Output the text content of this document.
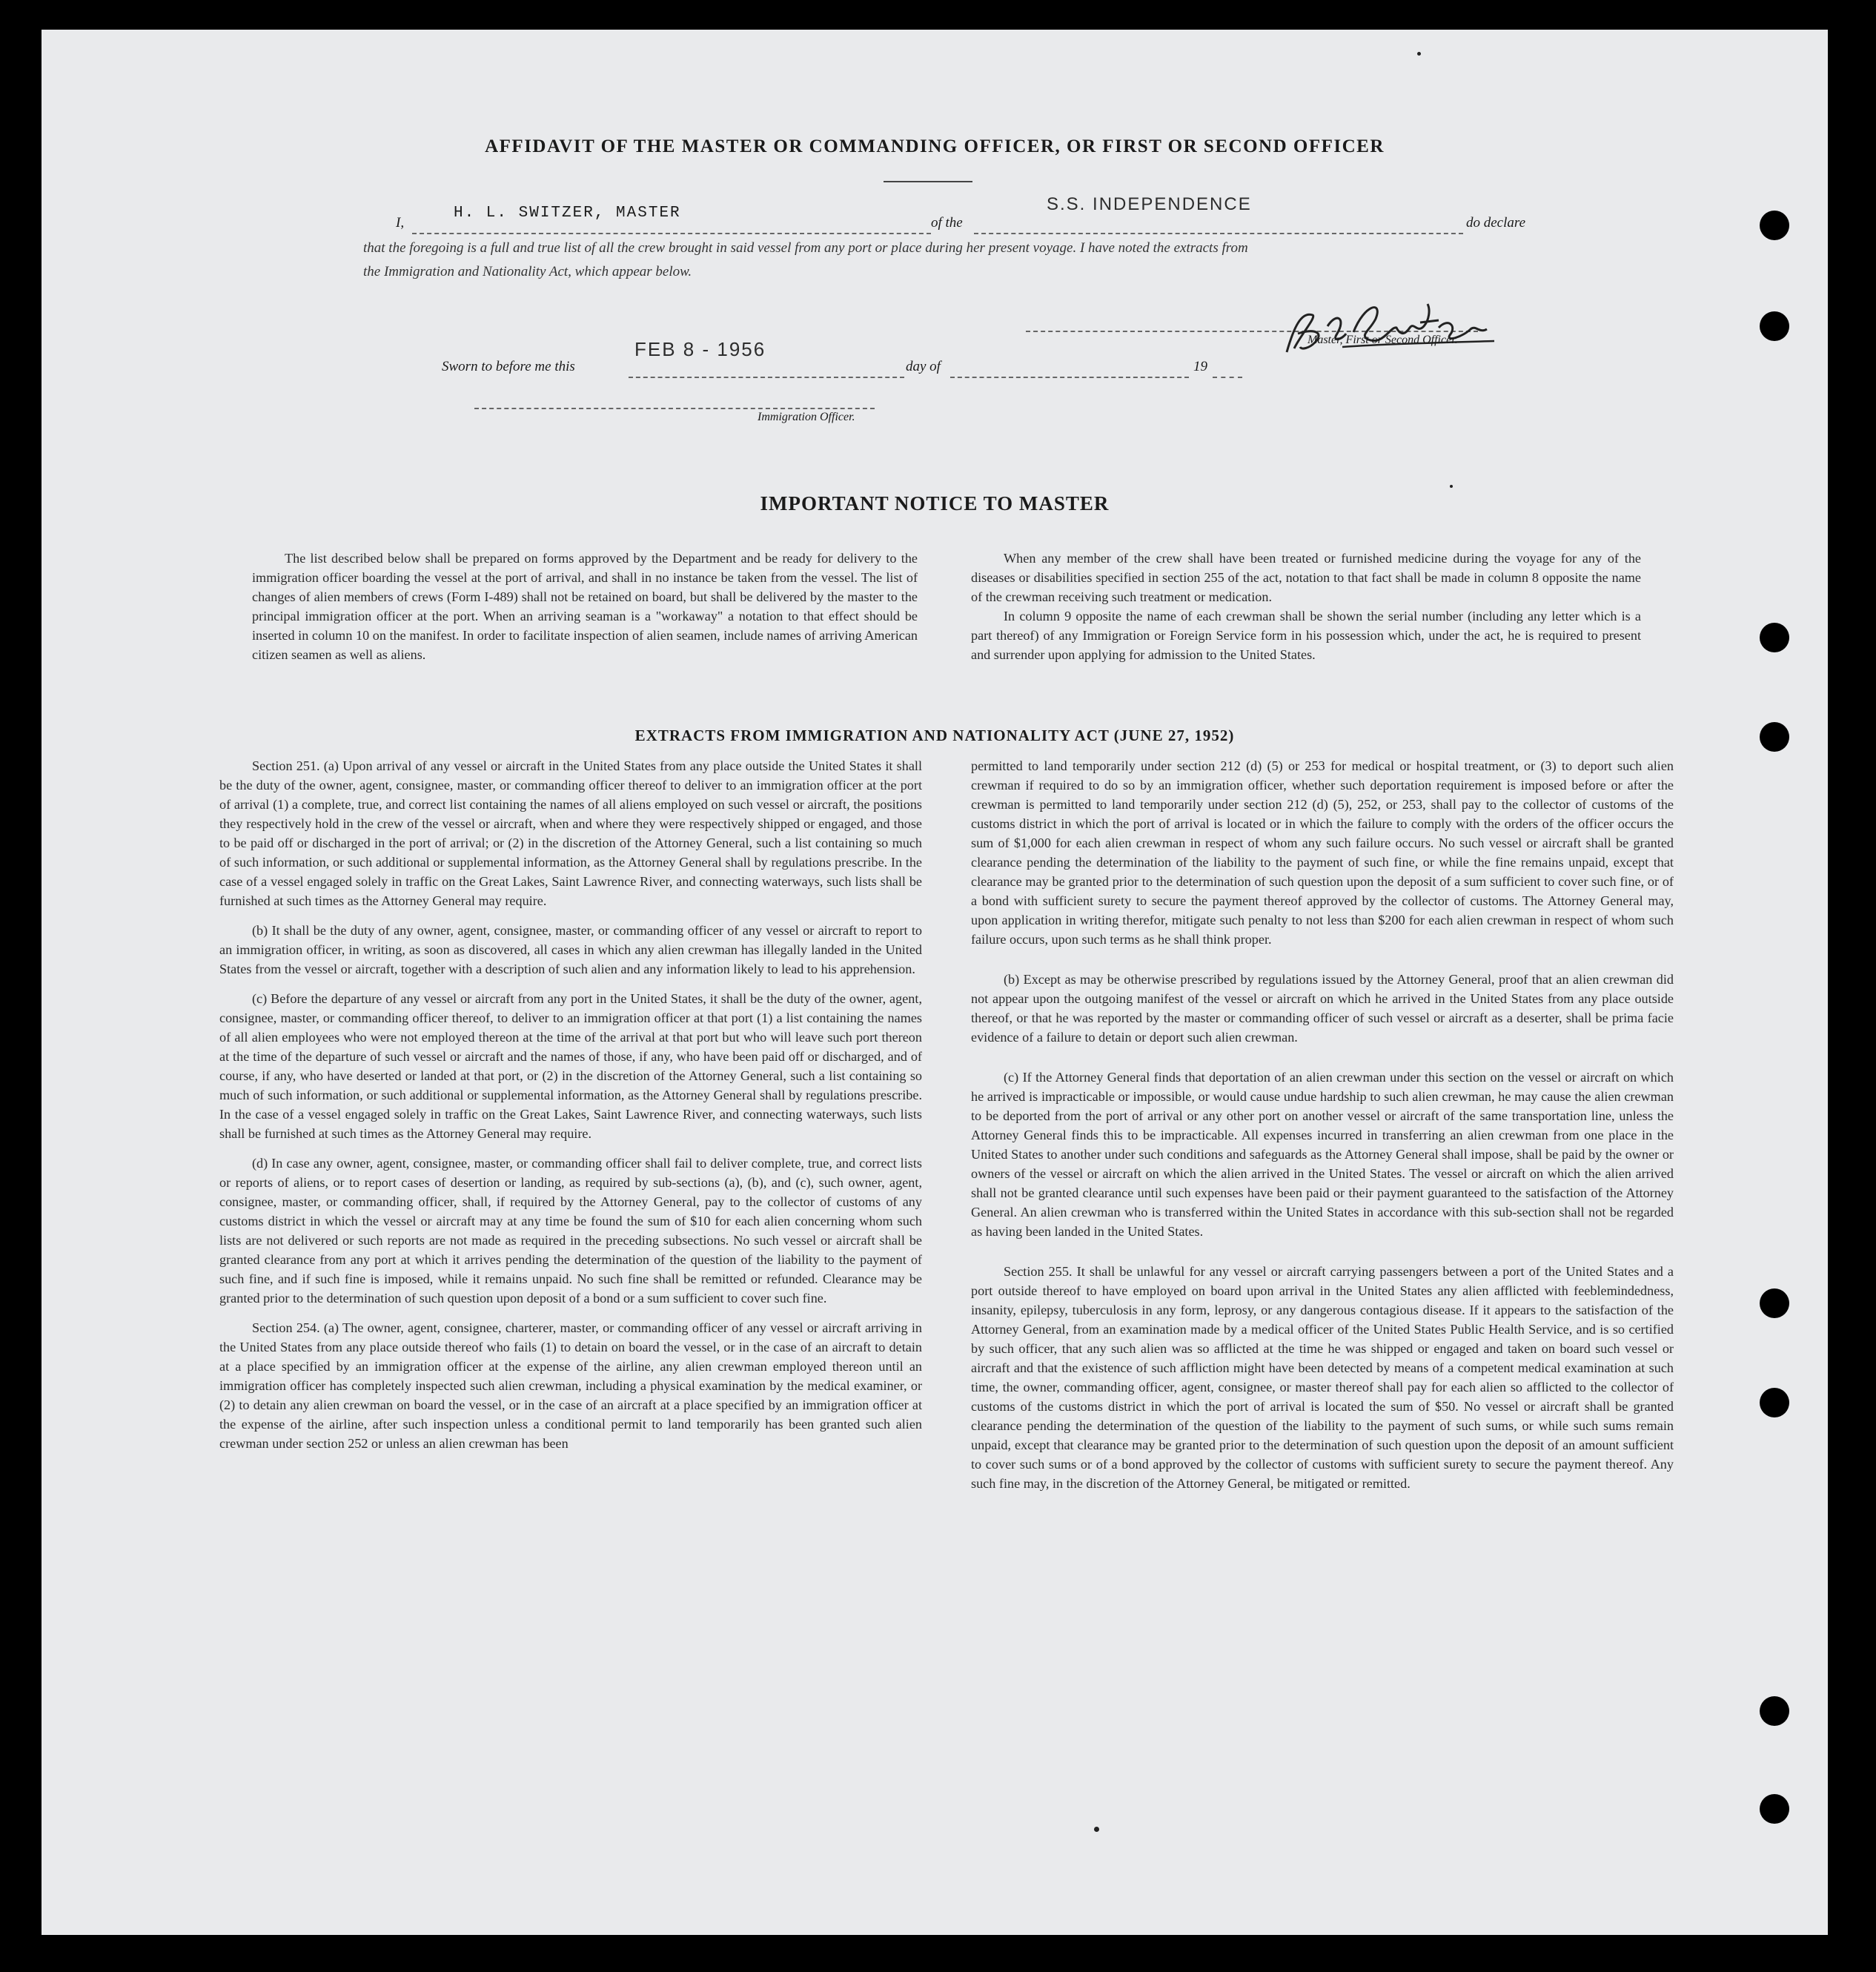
AFFIDAVIT OF THE MASTER OR COMMANDING OFFICER, OR FIRST OR SECOND OFFICER
I,
H. L. SWITZER, MASTER
of the
S.S. INDEPENDENCE
do declare
that the foregoing is a full and true list of all the crew brought in said vessel from any port or place during her present voyage. I have noted the extracts from
the Immigration and Nationality Act, which appear below.
Master, First or Second Officer.
Sworn to before me this
FEB 8 - 1956
day of	19
Immigration Officer.
IMPORTANT NOTICE TO MASTER

The list described below shall be prepared on forms approved by the Department and be ready for delivery to the immigration officer boarding the vessel at the port of arrival, and shall in no instance be taken from the vessel. The list of changes of alien members of crews (Form I-489) shall not be retained on board, but shall be delivered by the master to the principal immigration officer at the port. When an arriving seaman is a "workaway" a notation to that effect should be inserted in column 10 on the manifest. In order to facilitate inspection of alien seamen, include names of arriving American citizen seamen as well as aliens.

When any member of the crew shall have been treated or furnished medicine during the voyage for any of the diseases or disabilities specified in section 255 of the act, notation to that fact shall be made in column 8 opposite the name of the crewman receiving such treatment or medication.

In column 9 opposite the name of each crewman shall be shown the serial number (including any letter which is a part thereof) of any Immigration or Foreign Service form in his possession which, under the act, he is required to present and surrender upon applying for admission to the United States.

EXTRACTS FROM IMMIGRATION AND NATIONALITY ACT (JUNE 27, 1952)

Section 251. (a) Upon arrival of any vessel or aircraft in the United States from any place outside the United States it shall be the duty of the owner, agent, consignee, master, or commanding officer thereof to deliver to an immigration officer at the port of arrival (1) a complete, true, and correct list containing the names of all aliens employed on such vessel or aircraft, the positions they respectively hold in the crew of the vessel or aircraft, when and where they were respectively shipped or engaged, and those to be paid off or discharged in the port of arrival; or (2) in the discretion of the Attorney General, such a list containing so much of such information, or such additional or supplemental information, as the Attorney General shall by regulations prescribe. In the case of a vessel engaged solely in traffic on the Great Lakes, Saint Lawrence River, and connecting waterways, such lists shall be furnished at such times as the Attorney General may require.

(b) It shall be the duty of any owner, agent, consignee, master, or commanding officer of any vessel or aircraft to report to an immigration officer, in writing, as soon as discovered, all cases in which any alien crewman has illegally landed in the United States from the vessel or aircraft, together with a description of such alien and any information likely to lead to his apprehension.

(c) Before the departure of any vessel or aircraft from any port in the United States, it shall be the duty of the owner, agent, consignee, master, or commanding officer thereof, to deliver to an immigration officer at that port (1) a list containing the names of all alien employees who were not employed thereon at the time of the arrival at that port but who will leave such port thereon at the time of the departure of such vessel or aircraft and the names of those, if any, who have been paid off or discharged, and of course, if any, who have deserted or landed at that port, or (2) in the discretion of the Attorney General, such a list containing so much of such information, or such additional or supplemental information, as the Attorney General shall by regulations prescribe. In the case of a vessel engaged solely in traffic on the Great Lakes, Saint Lawrence River, and connecting waterways, such lists shall be furnished at such times as the Attorney General may require.

(d) In case any owner, agent, consignee, master, or commanding officer shall fail to deliver complete, true, and correct lists or reports of aliens, or to report cases of desertion or landing, as required by sub-sections (a), (b), and (c), such owner, agent, consignee, master, or commanding officer, shall, if required by the Attorney General, pay to the collector of customs of any customs district in which the vessel or aircraft may at any time be found the sum of $10 for each alien concerning whom such lists are not delivered or such reports are not made as required in the preceding subsections. No such vessel or aircraft shall be granted clearance from any port at which it arrives pending the determination of the question of the liability to the payment of such fine, and if such fine is imposed, while it remains unpaid. No such fine shall be remitted or refunded. Clearance may be granted prior to the determination of such question upon deposit of a bond or a sum sufficient to cover such fine.

Section 254. (a) The owner, agent, consignee, charterer, master, or commanding officer of any vessel or aircraft arriving in the United States from any place outside thereof who fails (1) to detain on board the vessel, or in the case of an aircraft to detain at a place specified by an immigration officer at the expense of the airline, any alien crewman employed thereon until an immigration officer has completely inspected such alien crewman, including a physical examination by the medical examiner, or (2) to detain any alien crewman on board the vessel, or in the case of an aircraft at a place specified by an immigration officer at the expense of the airline, after such inspection unless a conditional permit to land temporarily has been granted such alien crewman under section 252 or unless an alien crewman has been

permitted to land temporarily under section 212 (d) (5) or 253 for medical or hospital treatment, or (3) to deport such alien crewman if required to do so by an immigration officer, whether such deportation requirement is imposed before or after the crewman is permitted to land temporarily under section 212 (d) (5), 252, or 253, shall pay to the collector of customs of the customs district in which the port of arrival is located or in which the failure to comply with the orders of the officer occurs the sum of $1,000 for each alien crewman in respect of whom any such failure occurs. No such vessel or aircraft shall be granted clearance pending the determination of the liability to the payment of such fine, or while the fine remains unpaid, except that clearance may be granted prior to the determination of such question upon the deposit of a sum sufficient to cover such fine, or of a bond with sufficient surety to secure the payment thereof approved by the collector of customs. The Attorney General may, upon application in writing therefor, mitigate such penalty to not less than $200 for each alien crewman in respect of whom such failure occurs, upon such terms as he shall think proper.

(b) Except as may be otherwise prescribed by regulations issued by the Attorney General, proof that an alien crewman did not appear upon the outgoing manifest of the vessel or aircraft on which he arrived in the United States from any place outside thereof, or that he was reported by the master or commanding officer of such vessel or aircraft as a deserter, shall be prima facie evidence of a failure to detain or deport such alien crewman.

(c) If the Attorney General finds that deportation of an alien crewman under this section on the vessel or aircraft on which he arrived is impracticable or impossible, or would cause undue hardship to such alien crewman, he may cause the alien crewman to be deported from the port of arrival or any other port on another vessel or aircraft of the same transportation line, unless the Attorney General finds this to be impracticable. All expenses incurred in transferring an alien crewman from one place in the United States to another under such conditions and safeguards as the Attorney General shall impose, shall be paid by the owner or owners of the vessel or aircraft on which the alien arrived in the United States. The vessel or aircraft on which the alien arrived shall not be granted clearance until such expenses have been paid or their payment guaranteed to the satisfaction of the Attorney General. An alien crewman who is transferred within the United States in accordance with this sub-section shall not be regarded as having been landed in the United States.

Section 255. It shall be unlawful for any vessel or aircraft carrying passengers between a port of the United States and a port outside thereof to have employed on board upon arrival in the United States any alien afflicted with feeblemindedness, insanity, epilepsy, tuberculosis in any form, leprosy, or any dangerous contagious disease. If it appears to the satisfaction of the Attorney General, from an examination made by a medical officer of the United States Public Health Service, and is so certified by such officer, that any such alien was so afflicted at the time he was shipped or engaged and taken on board such vessel or aircraft and that the existence of such affliction might have been detected by means of a competent medical examination at such time, the owner, commanding officer, agent, consignee, or master thereof shall pay for each alien so afflicted to the collector of customs of the customs district in which the port of arrival is located the sum of $50. No vessel or aircraft shall be granted clearance pending the determination of the question of the liability to the payment of such sums, or while such sums remain unpaid, except that clearance may be granted prior to the determination of such question upon the deposit of an amount sufficient to cover such sums or of a bond approved by the collector of customs with sufficient surety to secure the payment thereof. Any such fine may, in the discretion of the Attorney General, be mitigated or remitted.
